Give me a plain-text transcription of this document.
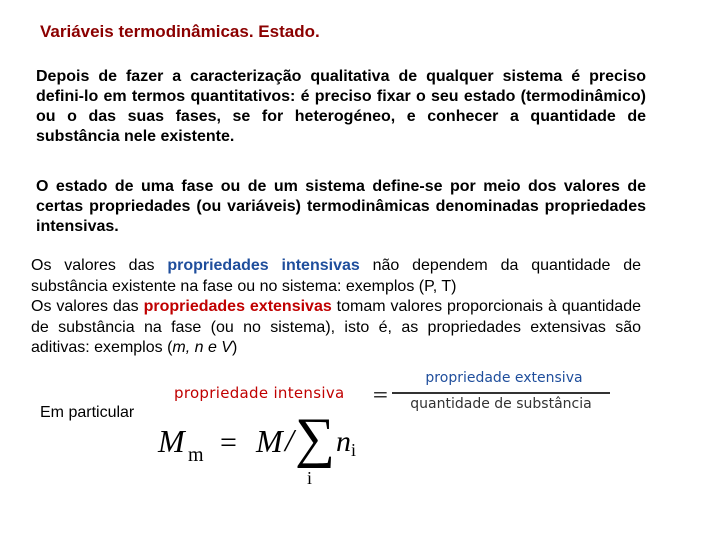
Variáveis termodinâmicas. Estado.
Depois de fazer a caracterização qualitativa de qualquer sistema é preciso defini-lo em termos quantitativos: é preciso fixar o seu estado (termodinâmico) ou o das suas fases, se for heterogéneo, e conhecer a quantidade de substância nele existente.
O estado de uma fase ou de um sistema define-se por meio dos valores de certas propriedades (ou variáveis) termodinâmicas denominadas propriedades intensivas.
Os valores das propriedades intensivas não dependem da quantidade de substância existente na fase ou no sistema: exemplos (P, T)
Os valores das propriedades extensivas tomam valores proporcionais à quantidade de substância na fase (ou no sistema), isto é, as propriedades extensivas são aditivas: exemplos (m, n e V)
Em particular
propriedade intensiva =
propriedade extensiva
quantidade de substância
M m = M / ∑
i
n i
